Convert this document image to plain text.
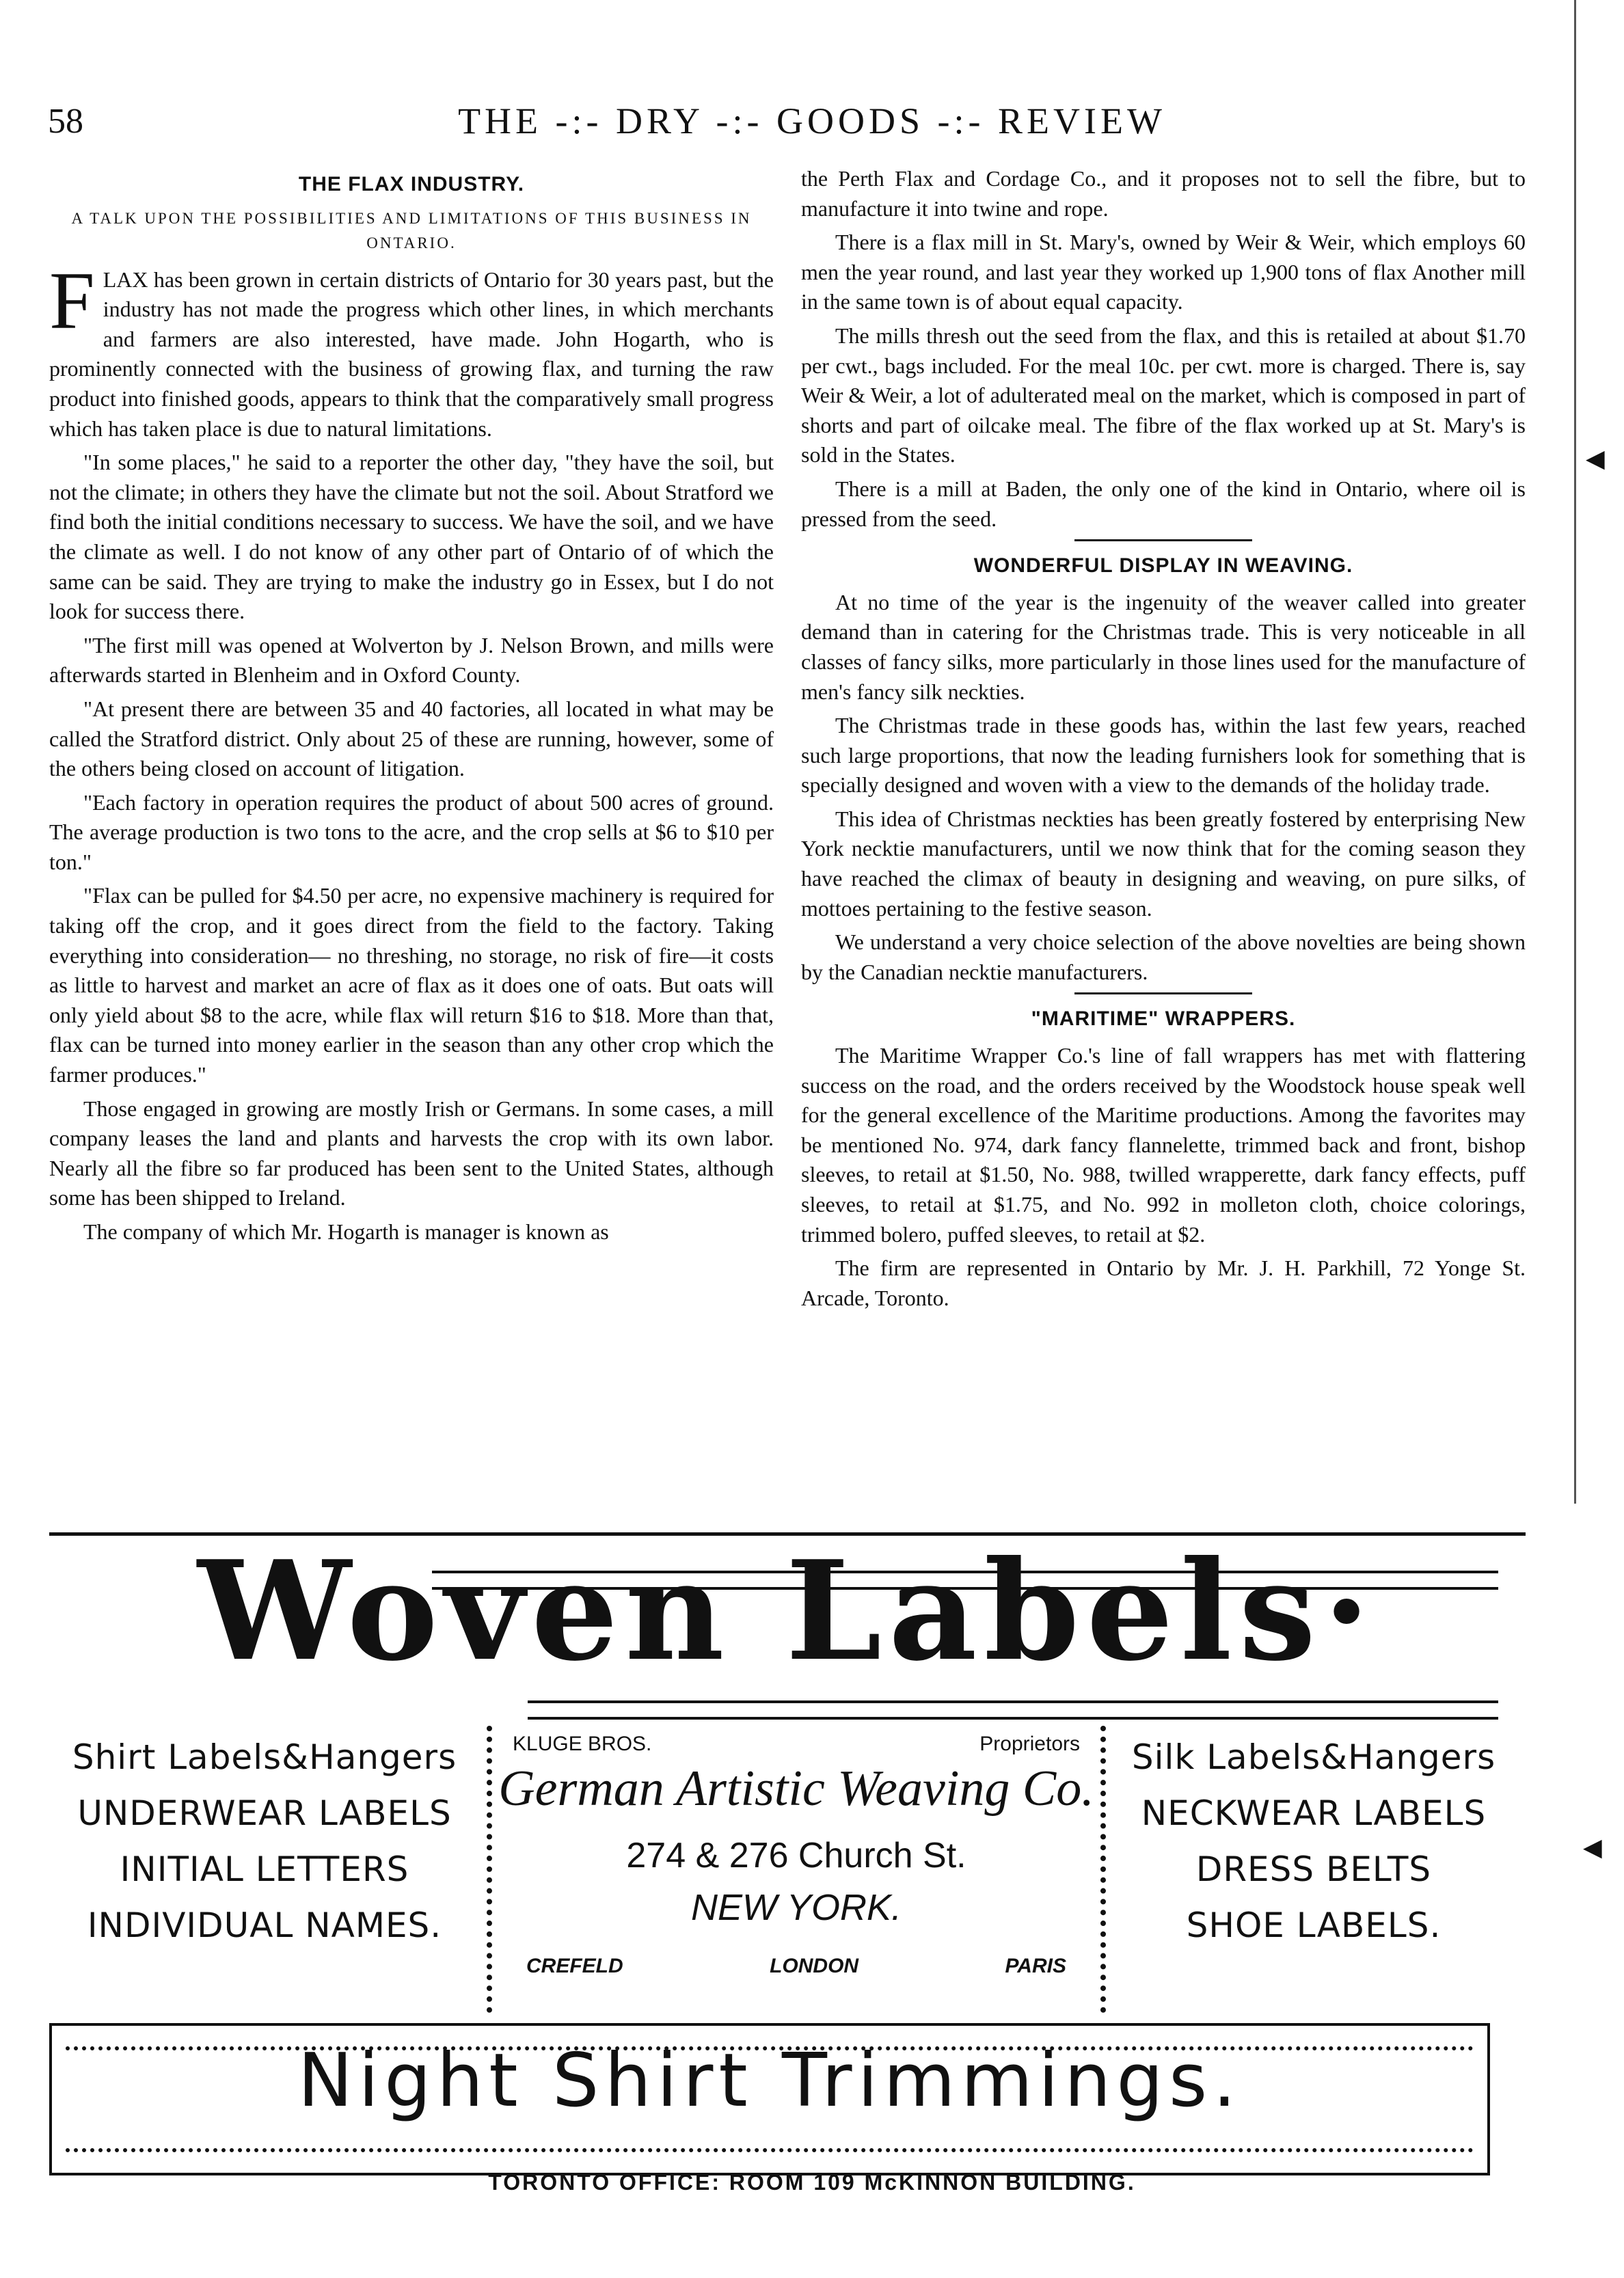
58	THE -:- DRY -:- GOODS -:- REVIEW
◀
◀
THE FLAX INDUSTRY.
A TALK UPON THE POSSIBILITIES AND LIMITATIONS OF THIS BUSINESS IN ONTARIO.

FLAX has been grown in certain districts of Ontario for 30 years past, but the industry has not made the progress which other lines, in which merchants and farmers are also interested, have made. John Hogarth, who is prominently connected with the business of growing flax, and turning the raw product into finished goods, appears to think that the comparatively small progress which has taken place is due to natural limitations.

"In some places," he said to a reporter the other day, "they have the soil, but not the climate; in others they have the climate but not the soil. About Stratford we find both the initial conditions necessary to success. We have the soil, and we have the climate as well. I do not know of any other part of Ontario of of which the same can be said. They are trying to make the industry go in Essex, but I do not look for success there.

"The first mill was opened at Wolverton by J. Nelson Brown, and mills were afterwards started in Blenheim and in Oxford County.

"At present there are between 35 and 40 factories, all located in what may be called the Stratford district. Only about 25 of these are running, however, some of the others being closed on account of litigation.

"Each factory in operation requires the product of about 500 acres of ground. The average production is two tons to the acre, and the crop sells at $6 to $10 per ton."

"Flax can be pulled for $4.50 per acre, no expensive machinery is required for taking off the crop, and it goes direct from the field to the factory. Taking everything into consideration— no threshing, no storage, no risk of fire—it costs as little to harvest and market an acre of flax as it does one of oats. But oats will only yield about $8 to the acre, while flax will return $16 to $18. More than that, flax can be turned into money earlier in the season than any other crop which the farmer produces."

Those engaged in growing are mostly Irish or Germans. In some cases, a mill company leases the land and plants and harvests the crop with its own labor. Nearly all the fibre so far produced has been sent to the United States, although some has been shipped to Ireland.

The company of which Mr. Hogarth is manager is known as

the Perth Flax and Cordage Co., and it proposes not to sell the fibre, but to manufacture it into twine and rope.

There is a flax mill in St. Mary's, owned by Weir & Weir, which employs 60 men the year round, and last year they worked up 1,900 tons of flax Another mill in the same town is of about equal capacity.

The mills thresh out the seed from the flax, and this is retailed at about $1.70 per cwt., bags included. For the meal 10c. per cwt. more is charged. There is, say Weir & Weir, a lot of adulterated meal on the market, which is composed in part of shorts and part of oilcake meal. The fibre of the flax worked up at St. Mary's is sold in the States.

There is a mill at Baden, the only one of the kind in Ontario, where oil is pressed from the seed.

WONDERFUL DISPLAY IN WEAVING.

At no time of the year is the ingenuity of the weaver called into greater demand than in catering for the Christmas trade. This is very noticeable in all classes of fancy silks, more particularly in those lines used for the manufacture of men's fancy silk neckties.

The Christmas trade in these goods has, within the last few years, reached such large proportions, that now the leading furnishers look for something that is specially designed and woven with a view to the demands of the holiday trade.

This idea of Christmas neckties has been greatly fostered by enterprising New York necktie manufacturers, until we now think that for the coming season they have reached the climax of beauty in designing and weaving, on pure silks, of mottoes pertaining to the festive season.

We understand a very choice selection of the above novelties are being shown by the Canadian necktie manufacturers.

"MARITIME" WRAPPERS.

The Maritime Wrapper Co.'s line of fall wrappers has met with flattering success on the road, and the orders received by the Woodstock house speak well for the general excellence of the Maritime productions. Among the favorites may be mentioned No. 974, dark fancy flannelette, trimmed back and front, bishop sleeves, to retail at $1.50, No. 988, twilled wrapperette, dark fancy effects, puff sleeves, to retail at $1.75, and No. 992 in molleton cloth, choice colorings, trimmed bolero, puffed sleeves, to retail at $2.

The firm are represented in Ontario by Mr. J. H. Parkhill, 72 Yonge St. Arcade, Toronto.

Woven Labels·
Shirt Labels&Hangers
UNDERWEAR LABELS
INITIAL LETTERS
INDIVIDUAL NAMES.
KLUGE BROS.	Proprietors
German Artistic Weaving Co.
274 & 276 Church St.
NEW YORK.
CREFELD	LONDON	PARIS
Silk Labels&Hangers
NECKWEAR LABELS
DRESS BELTS
SHOE LABELS.
Night Shirt Trimmings.
TORONTO OFFICE: ROOM 109 McKINNON BUILDING.
